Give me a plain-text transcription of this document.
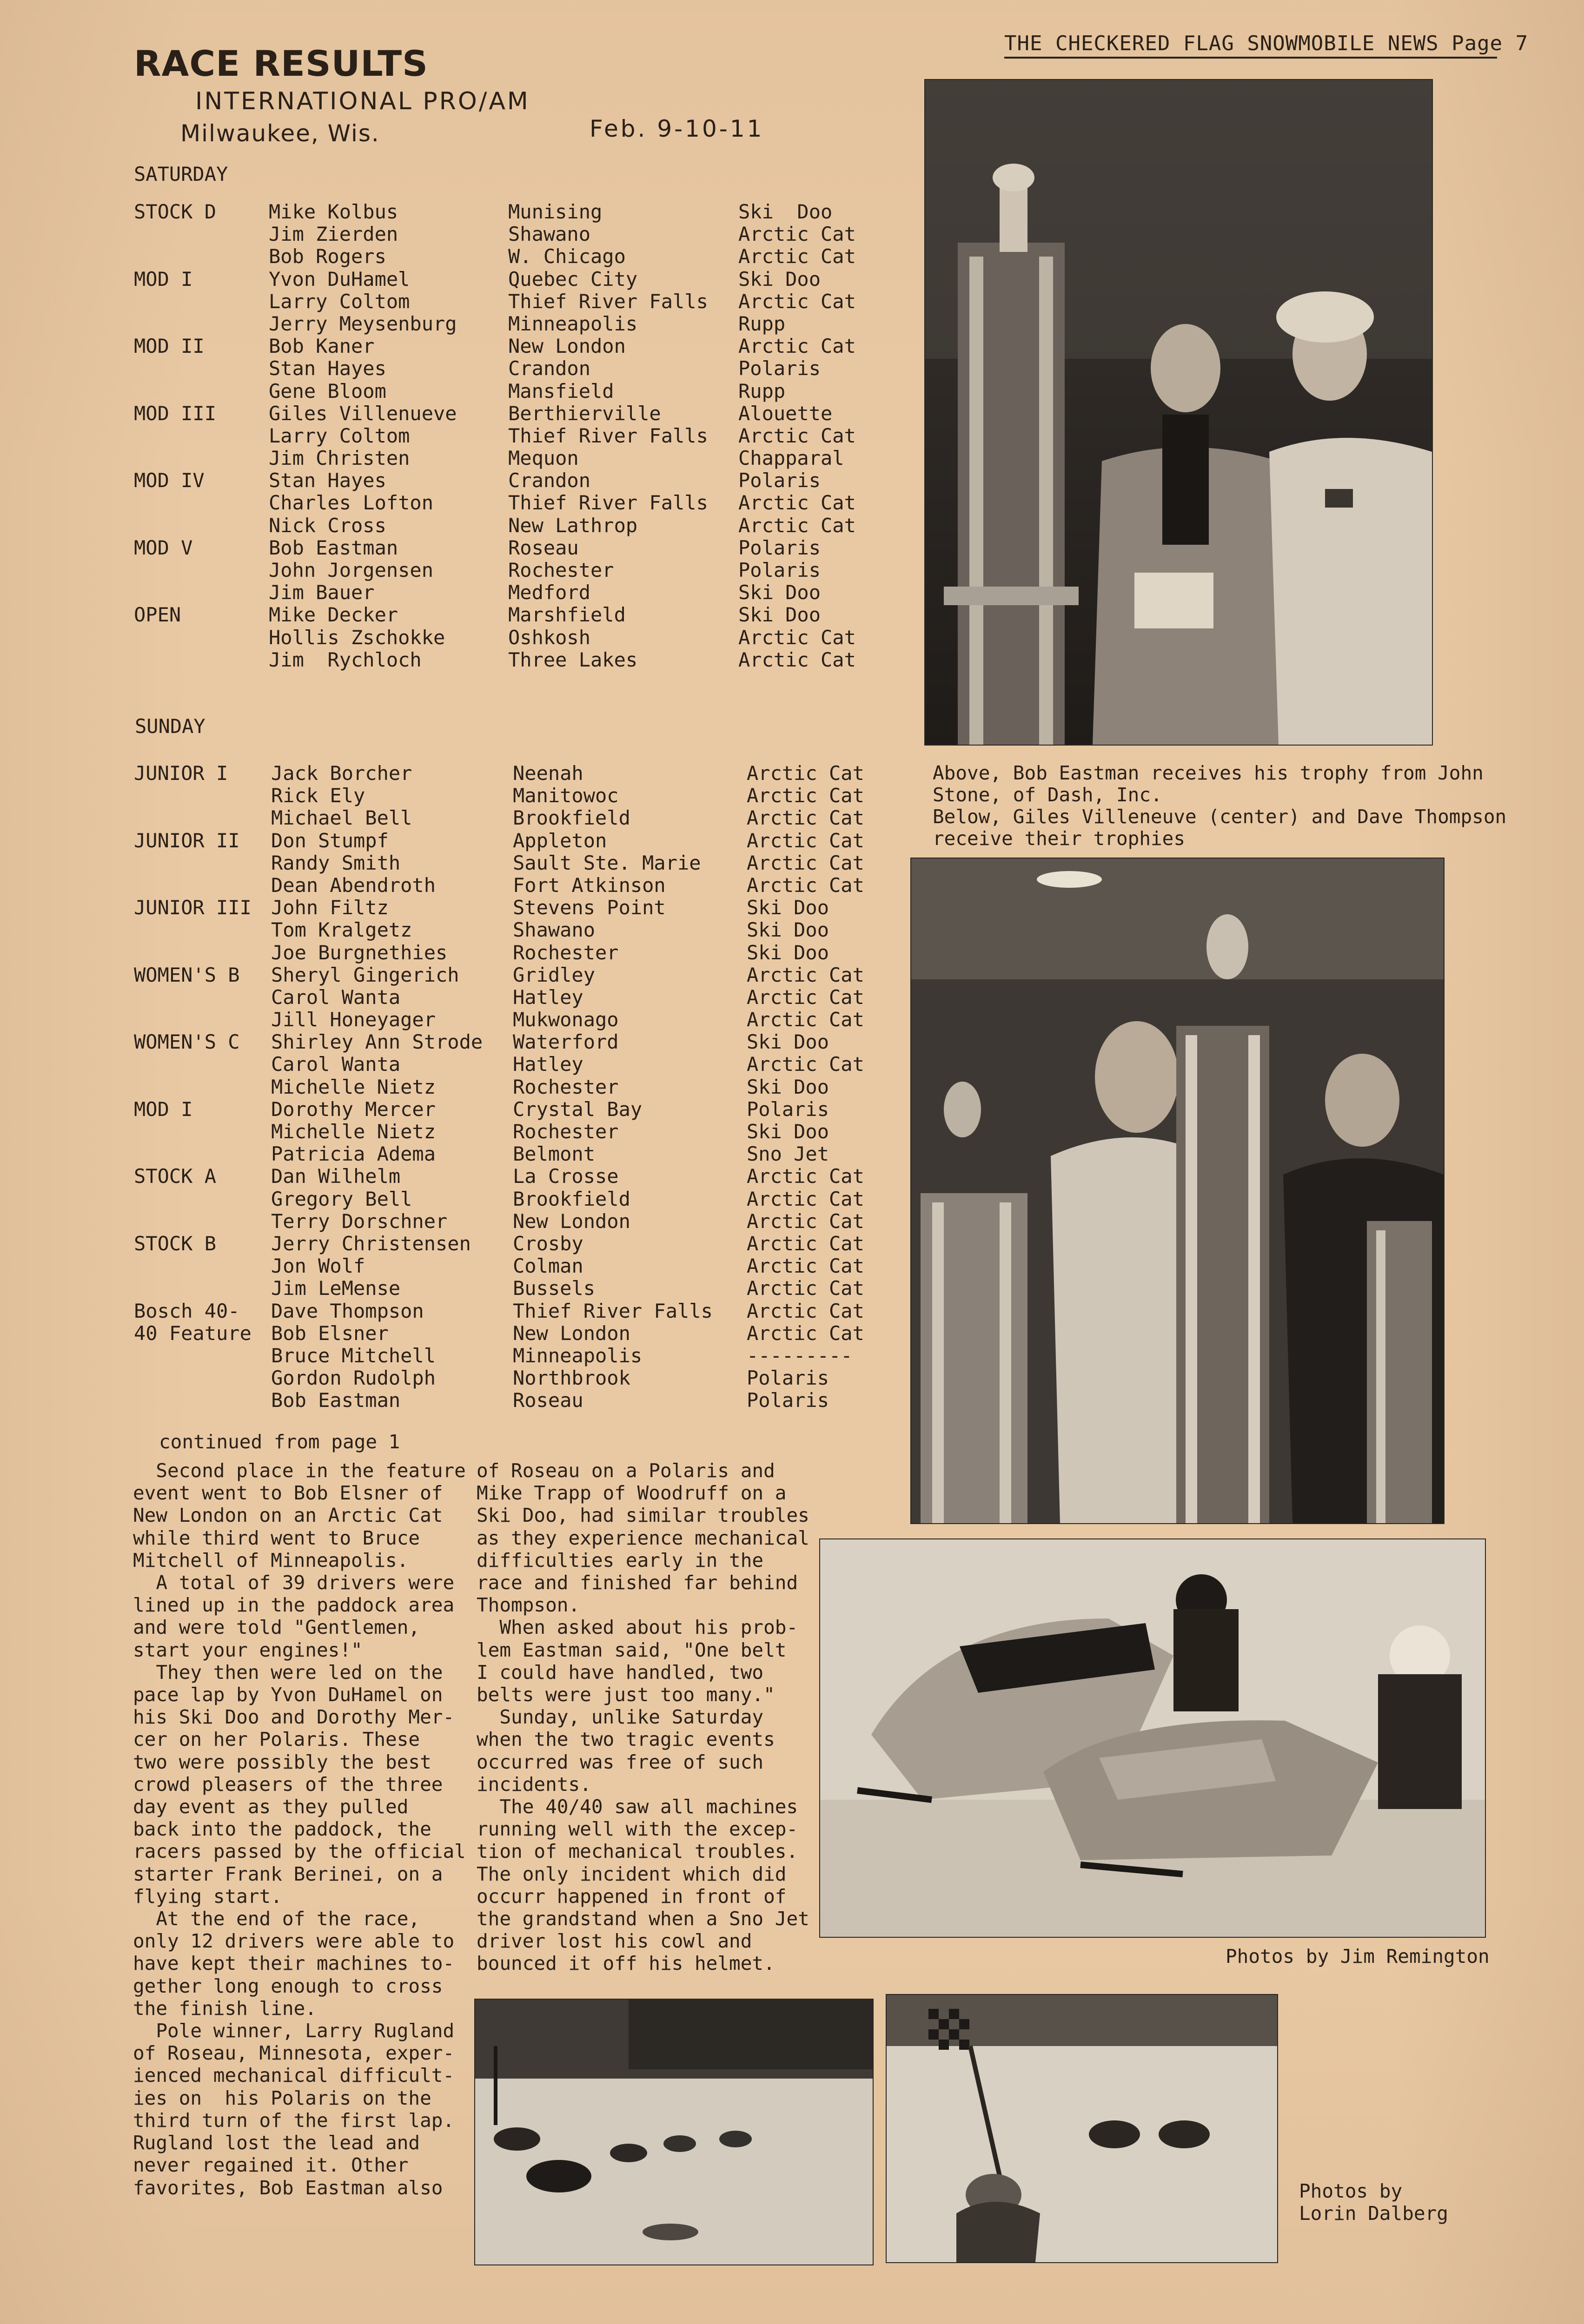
THE CHECKERED FLAG SNOWMOBILE NEWS Page 7
RACE RESULTS
INTERNATIONAL PRO/AM
Milwaukee, Wis.	Feb. 9-10-11
SATURDAY
STOCK D	Mike Kolbus	Munising	Ski  Doo
Jim Zierden	Shawano	Arctic Cat
Bob Rogers	W. Chicago	Arctic Cat
MOD I	Yvon DuHamel	Quebec City	Ski Doo
Larry Coltom	Thief River Falls Arctic Cat
Jerry Meysenburg	Minneapolis	Rupp
MOD II	Bob Kaner	New London	Arctic Cat
Stan Hayes	Crandon	Polaris
Gene Bloom	Mansfield	Rupp
MOD III	Giles Villenueve	Berthierville	Alouette
Larry Coltom	Thief River Falls Arctic Cat
Jim Christen	Mequon	Chapparal
MOD IV	Stan Hayes	Crandon	Polaris
Charles Lofton	Thief River Falls Arctic Cat
Nick Cross	New Lathrop	Arctic Cat
MOD V	Bob Eastman	Roseau	Polaris
John Jorgensen	Rochester	Polaris
Jim Bauer	Medford	Ski Doo
OPEN	Mike Decker	Marshfield	Ski Doo
Hollis Zschokke	Oshkosh	Arctic Cat
Jim  Rychloch	Three Lakes	Arctic Cat
SUNDAY
JUNIOR I Jack Borcher	Neenah	Arctic Cat
Rick Ely	Manitowoc	Arctic Cat
Michael Bell	Brookfield	Arctic Cat
JUNIOR II Don Stumpf	Appleton	Arctic Cat
Randy Smith	Sault Ste. Marie Arctic Cat
Dean Abendroth	Fort Atkinson	Arctic Cat
JUNIOR III John Filtz	Stevens Point	Ski Doo
Tom Kralgetz	Shawano	Ski Doo
Joe Burgnethies	Rochester	Ski Doo
WOMEN'S B Sheryl Gingerich	Gridley	Arctic Cat
Carol Wanta	Hatley	Arctic Cat
Jill Honeyager	Mukwonago	Arctic Cat
WOMEN'S C Shirley Ann Strode Waterford	Ski Doo
Carol Wanta	Hatley	Arctic Cat
Michelle Nietz	Rochester	Ski Doo
MOD I	Dorothy Mercer	Crystal Bay	Polaris
Michelle Nietz	Rochester	Ski Doo
Patricia Adema	Belmont	Sno Jet
STOCK A	Dan Wilhelm	La Crosse	Arctic Cat
Gregory Bell	Brookfield	Arctic Cat
Terry Dorschner	New London	Arctic Cat
STOCK B	Jerry Christensen Crosby	Arctic Cat
Jon Wolf	Colman	Arctic Cat
Jim LeMense	Bussels	Arctic Cat
Bosch 40- Dave Thompson	Thief River Falls Arctic Cat
40 Feature Bob Elsner	New London	Arctic Cat
Bruce Mitchell	Minneapolis	---------
Gordon Rudolph	Northbrook	Polaris
Bob Eastman	Roseau	Polaris
continued from page 1
Second place in the feature
event went to Bob Elsner of
New London on an Arctic Cat
while third went to Bruce
Mitchell of Minneapolis.
A total of 39 drivers were
lined up in the paddock area
and were told "Gentlemen,
start your engines!"
They then were led on the
pace lap by Yvon DuHamel on
his Ski Doo and Dorothy Mer-
cer on her Polaris. These
two were possibly the best
crowd pleasers of the three
day event as they pulled
back into the paddock, the
racers passed by the official
starter Frank Berinei, on a
flying start.
At the end of the race,
only 12 drivers were able to
have kept their machines to-
gether long enough to cross
the finish line.
Pole winner, Larry Rugland
of Roseau, Minnesota, exper-
ienced mechanical difficult-
ies on  his Polaris on the
third turn of the first lap.
Rugland lost the lead and
never regained it. Other
favorites, Bob Eastman also
of Roseau on a Polaris and
Mike Trapp of Woodruff on a
Ski Doo, had similar troubles
as they experience mechanical
difficulties early in the
race and finished far behind
Thompson.
When asked about his prob-
lem Eastman said, "One belt
I could have handled, two
belts were just too many."
Sunday, unlike Saturday
when the two tragic events
occurred was free of such
incidents.
The 40/40 saw all machines
running well with the excep-
tion of mechanical troubles.
The only incident which did
occurr happened in front of
the grandstand when a Sno Jet
driver lost his cowl and
bounced it off his helmet.
Above, Bob Eastman receives his trophy from John
Stone, of Dash, Inc.
Below, Giles Villeneuve (center) and Dave Thompson
receive their trophies
Photos by Jim Remington
Photos by
Lorin Dalberg
